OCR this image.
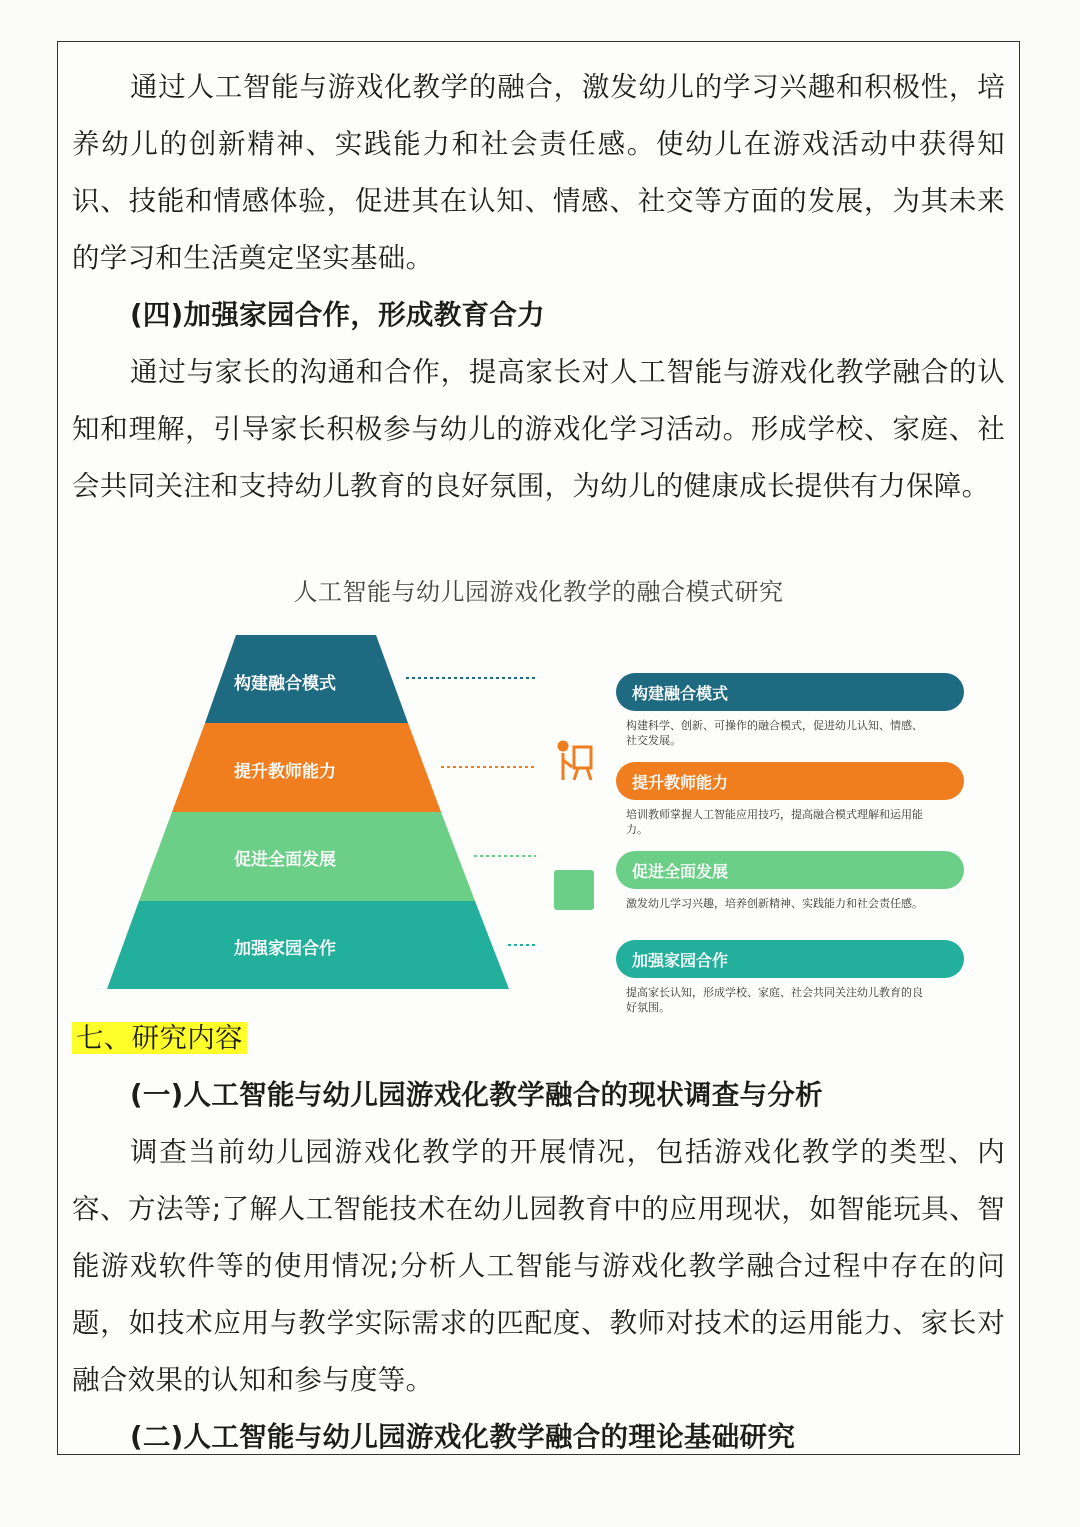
通过人工智能与游戏化教学的融合，激发幼儿的学习兴趣和积极性，培养幼儿的创新精神、实践能力和社会责任感。使幼儿在游戏活动中获得知识、技能和情感体验，促进其在认知、情感、社交等方面的发展，为其未来的学习和生活奠定坚实基础。

(四)加强家园合作，形成教育合力

通过与家长的沟通和合作，提高家长对人工智能与游戏化教学融合的认知和理解，引导家长积极参与幼儿的游戏化学习活动。形成学校、家庭、社会共同关注和支持幼儿教育的良好氛围，为幼儿的健康成长提供有力保障。

人工智能与幼儿园游戏化教学的融合模式研究
构建融合模式
提升教师能力
促进全面发展
加强家园合作
构建融合模式
构建科学、创新、可操作的融合模式，促进幼儿认知、情感、
社交发展。
提升教师能力
培训教师掌握人工智能应用技巧，提高融合模式理解和运用能
力。
促进全面发展
激发幼儿学习兴趣，培养创新精神、实践能力和社会责任感。
加强家园合作
提高家长认知，形成学校、家庭、社会共同关注幼儿教育的良
好氛围。

七、研究内容

(一)人工智能与幼儿园游戏化教学融合的现状调查与分析

调查当前幼儿园游戏化教学的开展情况，包括游戏化教学的类型、内容、方法等;了解人工智能技术在幼儿园教育中的应用现状，如智能玩具、智能游戏软件等的使用情况;分析人工智能与游戏化教学融合过程中存在的问题，如技术应用与教学实际需求的匹配度、教师对技术的运用能力、家长对融合效果的认知和参与度等。

(二)人工智能与幼儿园游戏化教学融合的理论基础研究
